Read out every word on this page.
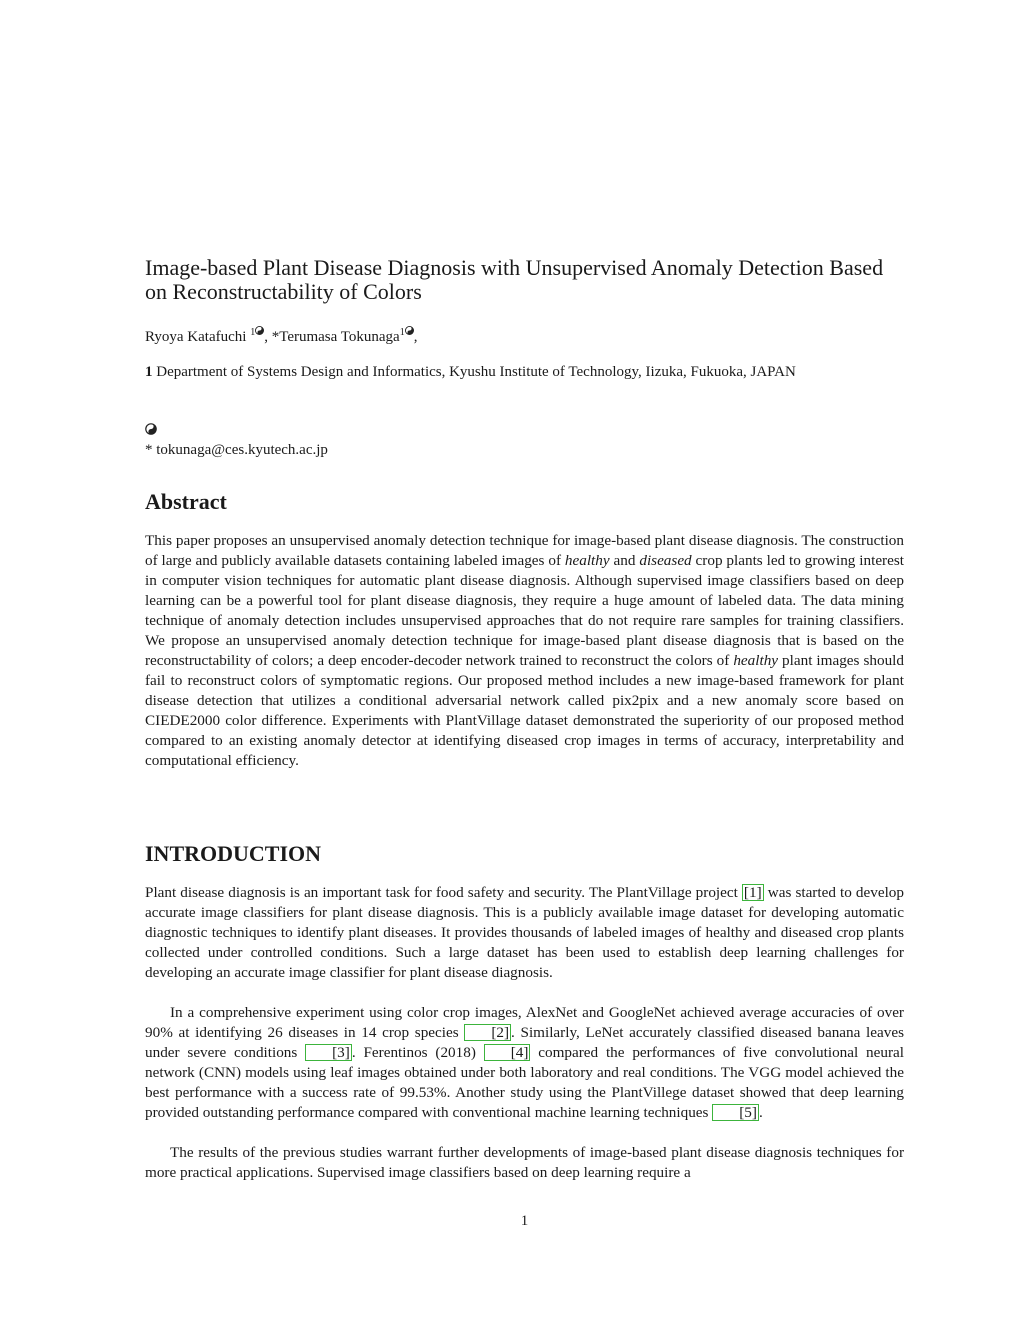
Image-based Plant Disease Diagnosis with Unsupervised Anomaly Detection Based on Reconstructability of Colors
Ryoya Katafuchi $^1$ , *Terumasa Tokunaga$^1$ ,
1 Department of Systems Design and Informatics, Kyushu Institute of Technology, Iizuka, Fukuoka, JAPAN
* tokunaga@ces.kyutech.ac.jp
Abstract

This paper proposes an unsupervised anomaly detection technique for image-based plant disease diagnosis. The construction of large and publicly available datasets containing labeled images of healthy and diseased crop plants led to growing interest in computer vision techniques for automatic plant disease diagnosis. Although supervised image classifiers based on deep learning can be a powerful tool for plant disease diagnosis, they require a huge amount of labeled data. The data mining technique of anomaly detection includes unsupervised approaches that do not require rare samples for training classifiers. We propose an unsupervised anomaly detection technique for image-based plant disease diagnosis that is based on the reconstructability of colors; a deep encoder-decoder network trained to reconstruct the colors of healthy plant images should fail to reconstruct colors of symptomatic regions. Our proposed method includes a new image-based framework for plant disease detection that utilizes a conditional adversarial network called pix2pix and a new anomaly score based on CIEDE2000 color difference. Experiments with PlantVillage dataset demonstrated the superiority of our proposed method compared to an existing anomaly detector at identifying diseased crop images in terms of accuracy, interpretability and computational efficiency.

INTRODUCTION

Plant disease diagnosis is an important task for food safety and security. The PlantVillage project [1] was started to develop accurate image classifiers for plant disease diagnosis. This is a publicly available image dataset for developing automatic diagnostic techniques to identify plant diseases. It provides thousands of labeled images of healthy and diseased crop plants collected under controlled conditions. Such a large dataset has been used to establish deep learning challenges for developing an accurate image classifier for plant disease diagnosis.

In a comprehensive experiment using color crop images, AlexNet and GoogleNet achieved average accuracies of over 90% at identifying 26 diseases in 14 crop species [2] . Similarly, LeNet accurately classified diseased banana leaves under severe conditions [3] . Ferentinos (2018) [4] compared the performances of five convolutional neural network (CNN) models using leaf images obtained under both laboratory and real conditions. The VGG model achieved the best performance with a success rate of 99.53%. Another study using the PlantVillege dataset showed that deep learning provided outstanding performance compared with conventional machine learning techniques [5] .

The results of the previous studies warrant further developments of image-based plant disease diagnosis techniques for more practical applications. Supervised image classifiers based on deep learning require a

1
